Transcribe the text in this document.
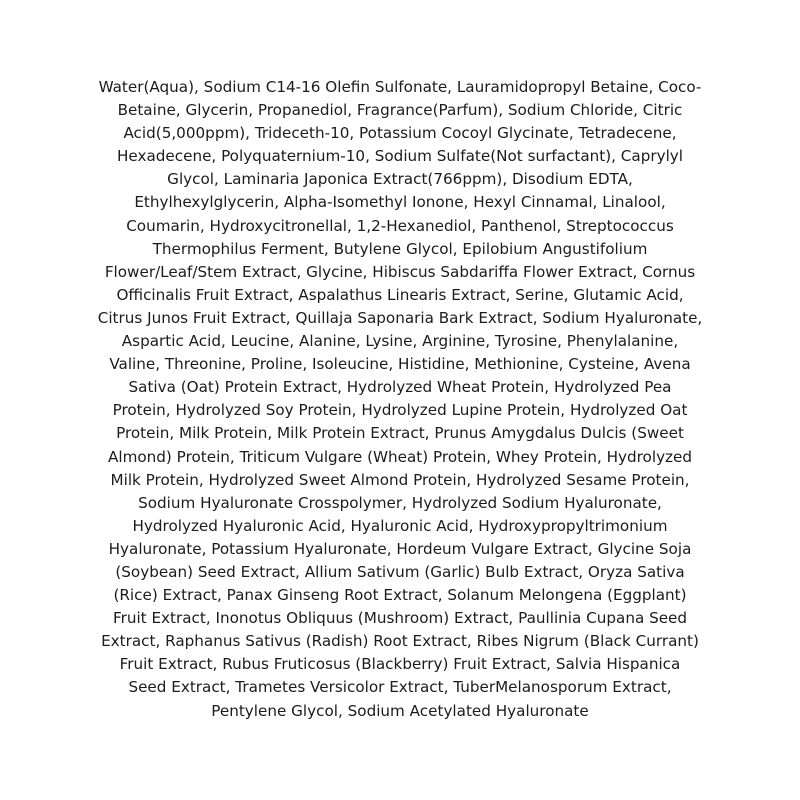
Water(Aqua), Sodium C14-16 Olefin Sulfonate, Lauramidopropyl Betaine, Coco-
Betaine, Glycerin, Propanediol, Fragrance(Parfum), Sodium Chloride, Citric
Acid(5,000ppm), Trideceth-10, Potassium Cocoyl Glycinate, Tetradecene,
Hexadecene, Polyquaternium-10, Sodium Sulfate(Not surfactant), Caprylyl
Glycol, Laminaria Japonica Extract(766ppm), Disodium EDTA,
Ethylhexylglycerin, Alpha-Isomethyl Ionone, Hexyl Cinnamal, Linalool,
Coumarin, Hydroxycitronellal, 1,2-Hexanediol, Panthenol, Streptococcus
Thermophilus Ferment, Butylene Glycol, Epilobium Angustifolium
Flower/Leaf/Stem Extract, Glycine, Hibiscus Sabdariffa Flower Extract, Cornus
Officinalis Fruit Extract, Aspalathus Linearis Extract, Serine, Glutamic Acid,
Citrus Junos Fruit Extract, Quillaja Saponaria Bark Extract, Sodium Hyaluronate,
Aspartic Acid, Leucine, Alanine, Lysine, Arginine, Tyrosine, Phenylalanine,
Valine, Threonine, Proline, Isoleucine, Histidine, Methionine, Cysteine, Avena
Sativa (Oat) Protein Extract, Hydrolyzed Wheat Protein, Hydrolyzed Pea
Protein, Hydrolyzed Soy Protein, Hydrolyzed Lupine Protein, Hydrolyzed Oat
Protein, Milk Protein, Milk Protein Extract, Prunus Amygdalus Dulcis (Sweet
Almond) Protein, Triticum Vulgare (Wheat) Protein, Whey Protein, Hydrolyzed
Milk Protein, Hydrolyzed Sweet Almond Protein, Hydrolyzed Sesame Protein,
Sodium Hyaluronate Crosspolymer, Hydrolyzed Sodium Hyaluronate,
Hydrolyzed Hyaluronic Acid, Hyaluronic Acid, Hydroxypropyltrimonium
Hyaluronate, Potassium Hyaluronate, Hordeum Vulgare Extract, Glycine Soja
(Soybean) Seed Extract, Allium Sativum (Garlic) Bulb Extract, Oryza Sativa
(Rice) Extract, Panax Ginseng Root Extract, Solanum Melongena (Eggplant)
Fruit Extract, Inonotus Obliquus (Mushroom) Extract, Paullinia Cupana Seed
Extract, Raphanus Sativus (Radish) Root Extract, Ribes Nigrum (Black Currant)
Fruit Extract, Rubus Fruticosus (Blackberry) Fruit Extract, Salvia Hispanica
Seed Extract, Trametes Versicolor Extract, TuberMelanosporum Extract,
Pentylene Glycol, Sodium Acetylated Hyaluronate
